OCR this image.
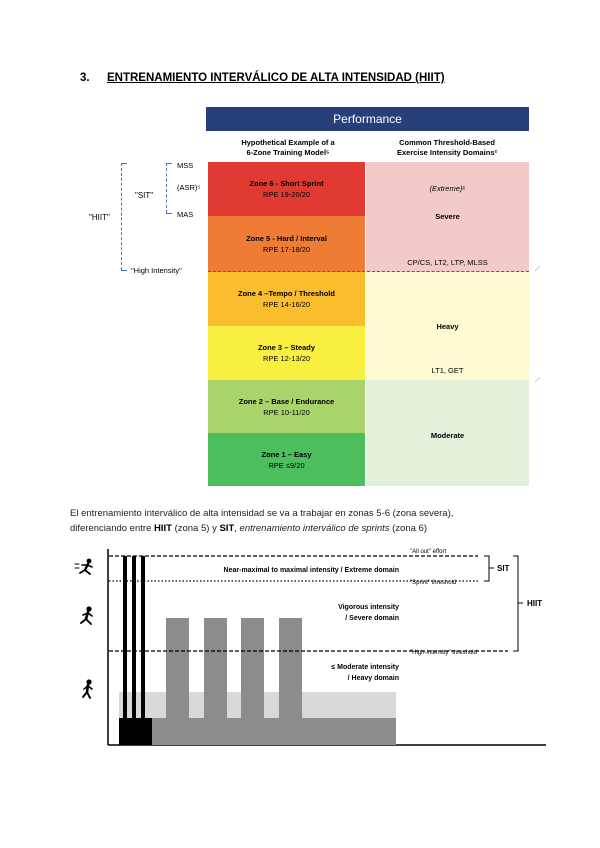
3. ENTRENAMIENTO INTERVÁLICO DE ALTA INTENSIDAD (HIIT)
Performance
Hypothetical Example of a
6-Zone Training Model⁵
Common Threshold-Based
Exercise Intensity Domains²
(Extreme)⁶
Severe
CP/CS, LT2, LTP, MLSS
Heavy
LT1, GET
Moderate
Zone 6 - Short Sprint
RPE 19-20/20
Zone 5 - Hard / Interval
RPE 17-18/20
Zone 4 –Tempo / Threshold
RPE 14-16/20
Zone 3 – Steady
RPE 12-13/20
Zone 2 – Base / Endurance
RPE 10-11/20
Zone 1 – Easy
RPE ≤9/20
⟋
⟋
MSS
(ASR)⁵
MAS
"SIT"
"HIIT"
"High Intensity"
El entrenamiento interválico de alta intensidad se va a trabajar en zonas 5-6 (zona severa),
diferenciando entre HIIT (zona 5) y SIT, entrenamiento interválico de sprints (zona 6)
"All out" effort
"Sprint" threshold
"High-intensity" threshold
Near-maximal to maximal intensity / Extreme domain
Vigorous intensity
/ Severe domain
≤ Moderate intensity
/ Heavy domain
SIT
HIIT
